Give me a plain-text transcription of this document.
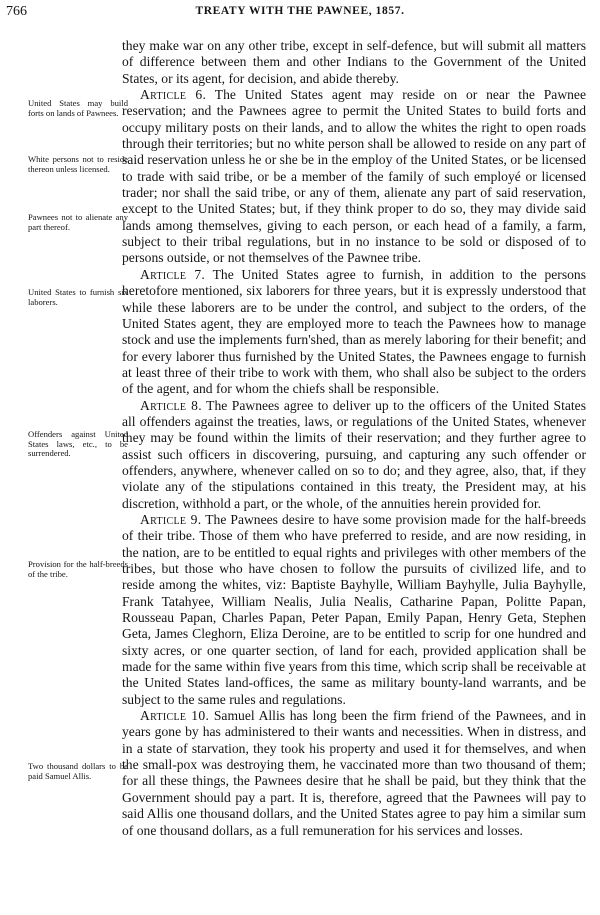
766	TREATY WITH THE PAWNEE, 1857.
United States may build forts on lands of Pawnees.
White persons not to reside thereon unless licensed.
Pawnees not to alienate any part thereof.
United States to furnish six laborers.
Offenders against United States laws, etc., to be surrendered.
Provision for the half-breeds of the tribe.
Two thousand dollars to be paid Samuel Allis.

they make war on any other tribe, except in self-defence, but will submit all matters of difference between them and other Indians to the Government of the United States, or its agent, for decision, and abide thereby.

Article 6. The United States agent may reside on or near the Pawnee reservation; and the Pawnees agree to permit the United States to build forts and occupy military posts on their lands, and to allow the whites the right to open roads through their territories; but no white person shall be allowed to reside on any part of said reservation unless he or she be in the employ of the United States, or be licensed to trade with said tribe, or be a member of the family of such employé or licensed trader; nor shall the said tribe, or any of them, alienate any part of said reservation, except to the United States; but, if they think proper to do so, they may divide said lands among themselves, giving to each person, or each head of a family, a farm, subject to their tribal regulations, but in no instance to be sold or disposed of to persons outside, or not themselves of the Pawnee tribe.

Article 7. The United States agree to furnish, in addition to the persons heretofore mentioned, six laborers for three years, but it is expressly understood that while these laborers are to be under the control, and subject to the orders, of the United States agent, they are employed more to teach the Pawnees how to manage stock and use the implements furn'shed, than as merely laboring for their benefit; and for every laborer thus furnished by the United States, the Pawnees engage to furnish at least three of their tribe to work with them, who shall also be subject to the orders of the agent, and for whom the chiefs shall be responsible.

Article 8. The Pawnees agree to deliver up to the officers of the United States all offenders against the treaties, laws, or regulations of the United States, whenever they may be found within the limits of their reservation; and they further agree to assist such officers in discovering, pursuing, and capturing any such offender or offenders, anywhere, whenever called on so to do; and they agree, also, that, if they violate any of the stipulations contained in this treaty, the President may, at his discretion, withhold a part, or the whole, of the annuities herein provided for.

Article 9. The Pawnees desire to have some provision made for the half-breeds of their tribe. Those of them who have preferred to reside, and are now residing, in the nation, are to be entitled to equal rights and privileges with other members of the tribes, but those who have chosen to follow the pursuits of civilized life, and to reside among the whites, viz: Baptiste Bayhylle, William Bayhylle, Julia Bayhylle, Frank Tatahyee, William Nealis, Julia Nealis, Catharine Papan, Politte Papan, Rousseau Papan, Charles Papan, Peter Papan, Emily Papan, Henry Geta, Stephen Geta, James Cleghorn, Eliza Deroine, are to be entitled to scrip for one hundred and sixty acres, or one quarter section, of land for each, provided application shall be made for the same within five years from this time, which scrip shall be receivable at the United States land-offices, the same as military bounty-land warrants, and be subject to the same rules and regulations.

Article 10. Samuel Allis has long been the firm friend of the Pawnees, and in years gone by has administered to their wants and necessities. When in distress, and in a state of starvation, they took his property and used it for themselves, and when the small-pox was destroying them, he vaccinated more than two thousand of them; for all these things, the Pawnees desire that he shall be paid, but they think that the Government should pay a part. It is, therefore, agreed that the Pawnees will pay to said Allis one thousand dollars, and the United States agree to pay him a similar sum of one thousand dollars, as a full remuneration for his services and losses.
